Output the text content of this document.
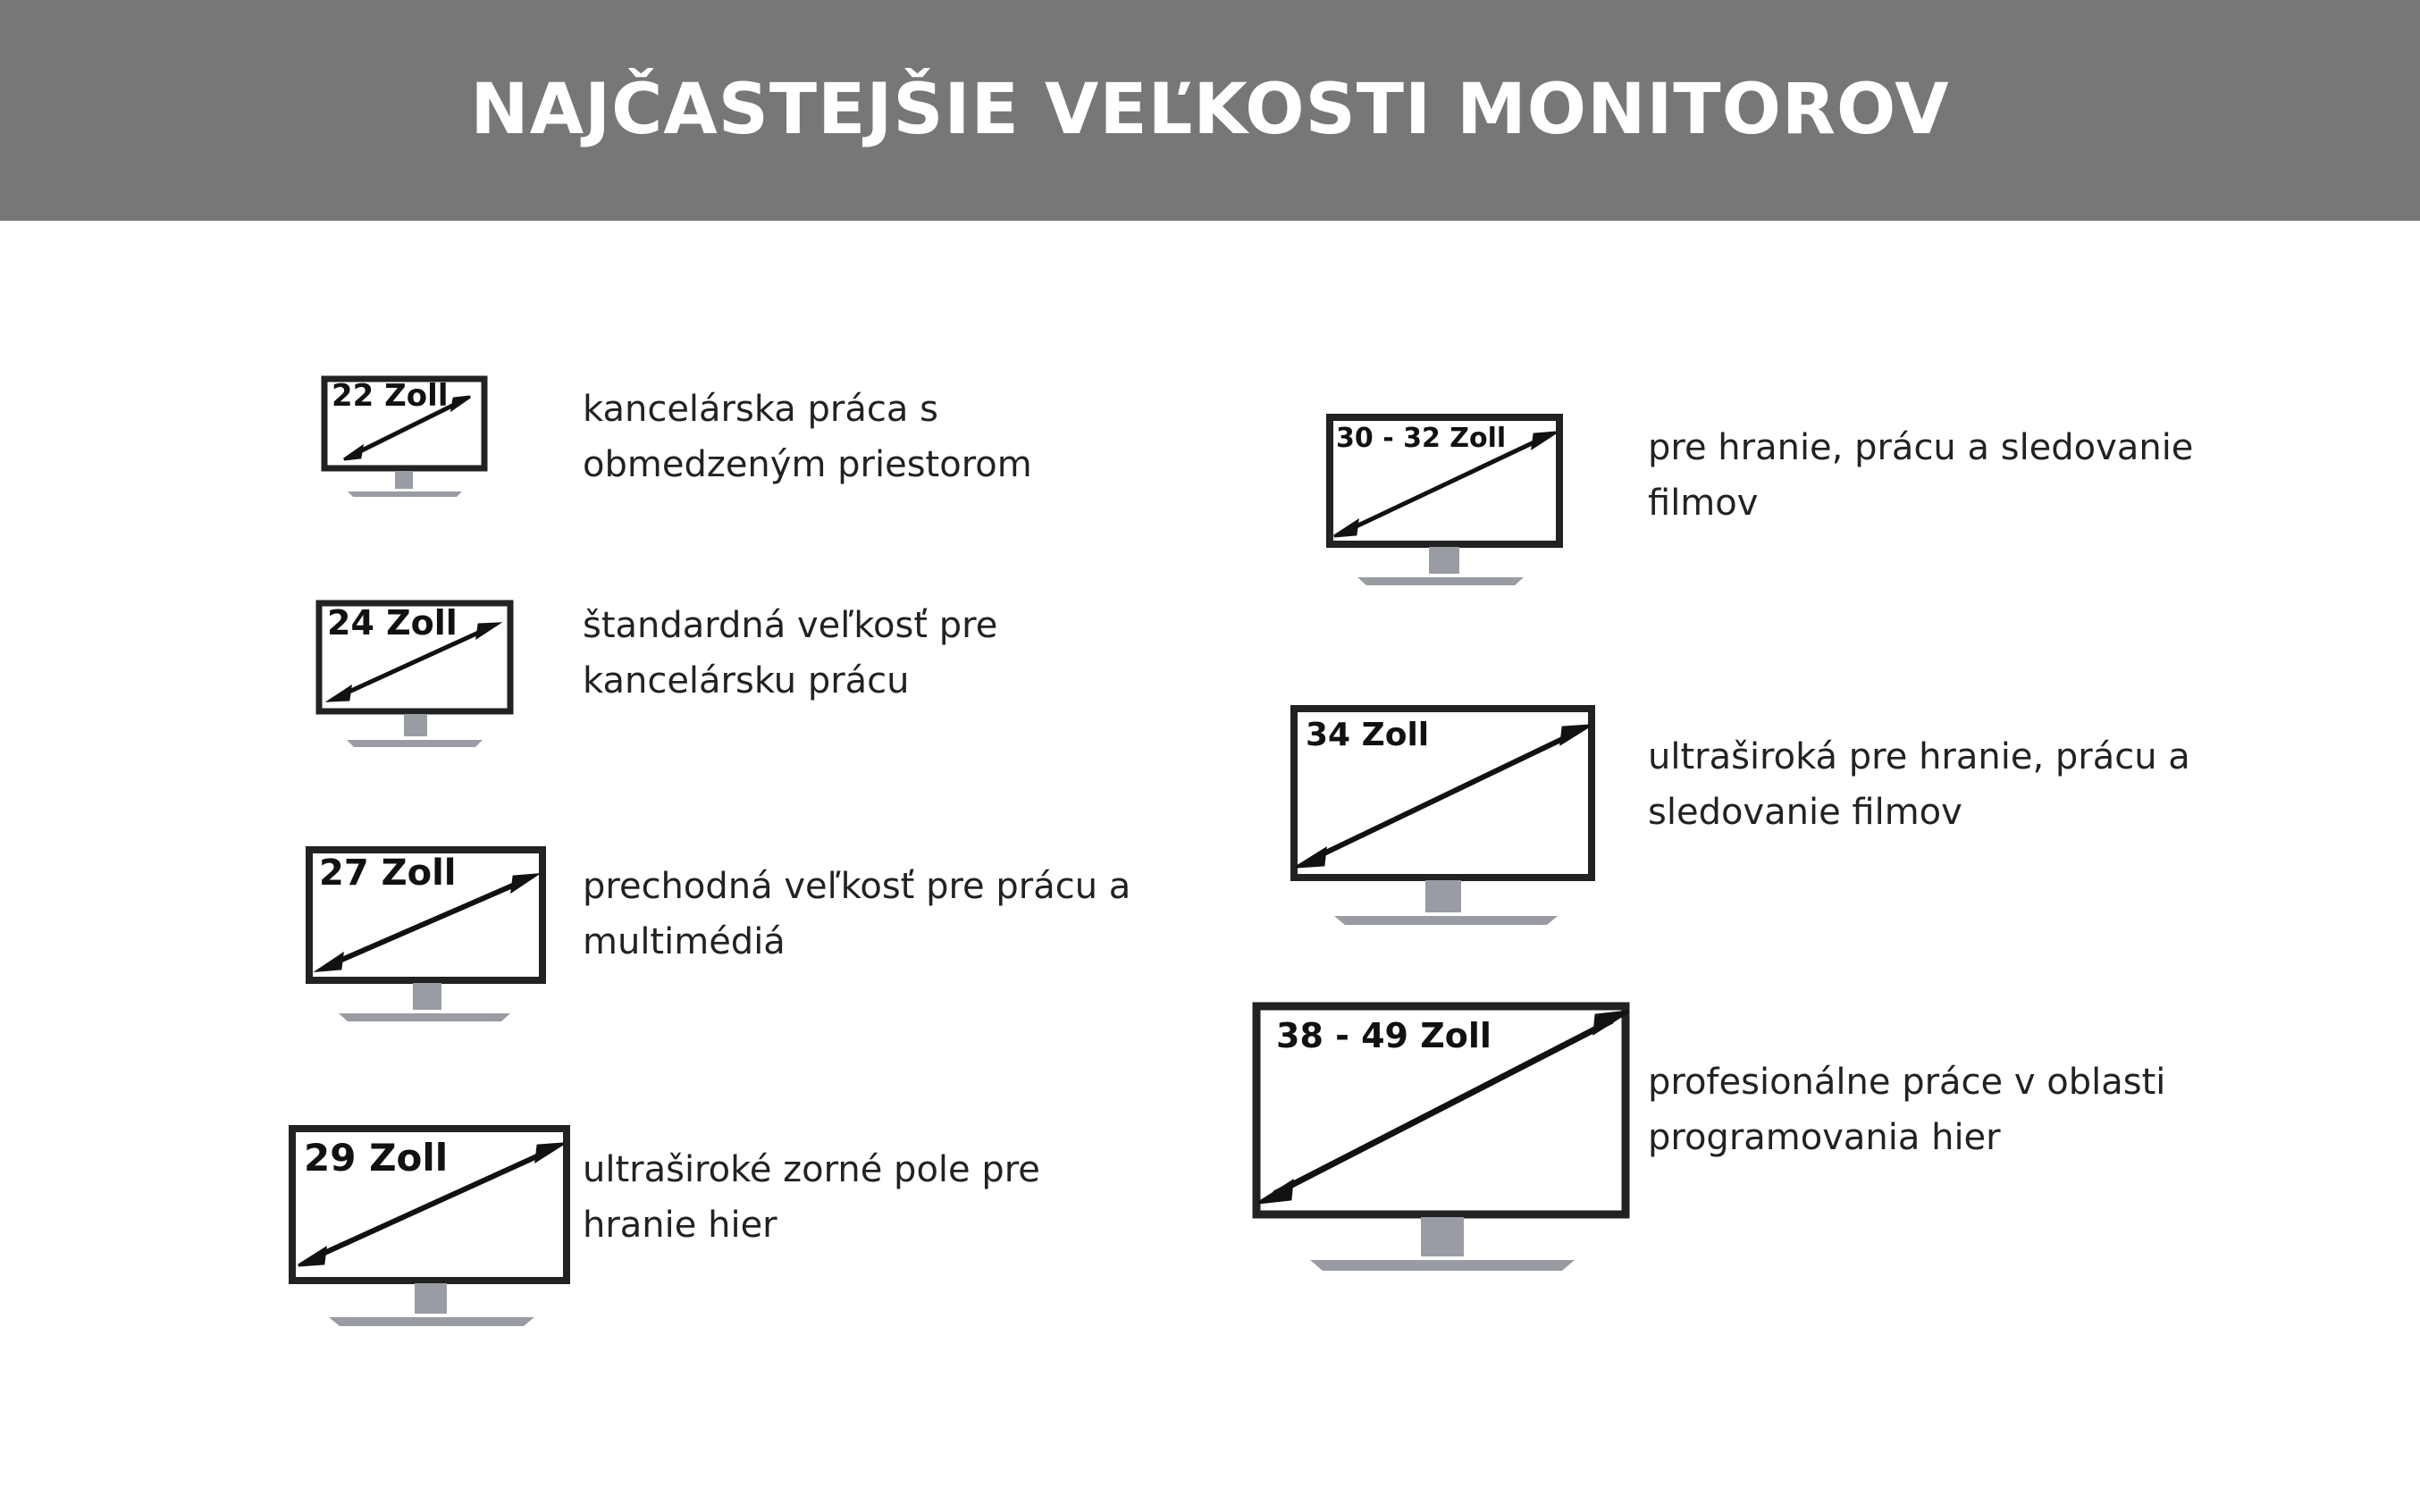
NAJČASTEJŠIE VEĽKOSTI MONITOROV
22 Zoll	kancelárska práca s
obmedzeným priestorom

24 Zoll	štandardná veľkosť pre
kancelársku prácu

27 Zoll	prechodná veľkosť pre prácu a
multimédiá

29 Zoll	ultraširoké zorné pole pre
hranie hier

30 - 32 Zoll	pre hranie, prácu a sledovanie
filmov

34 Zoll

ultraširoká pre hranie, prácu a
sledovanie filmov

38 - 49 Zoll

profesionálne práce v oblasti
programovania hier
